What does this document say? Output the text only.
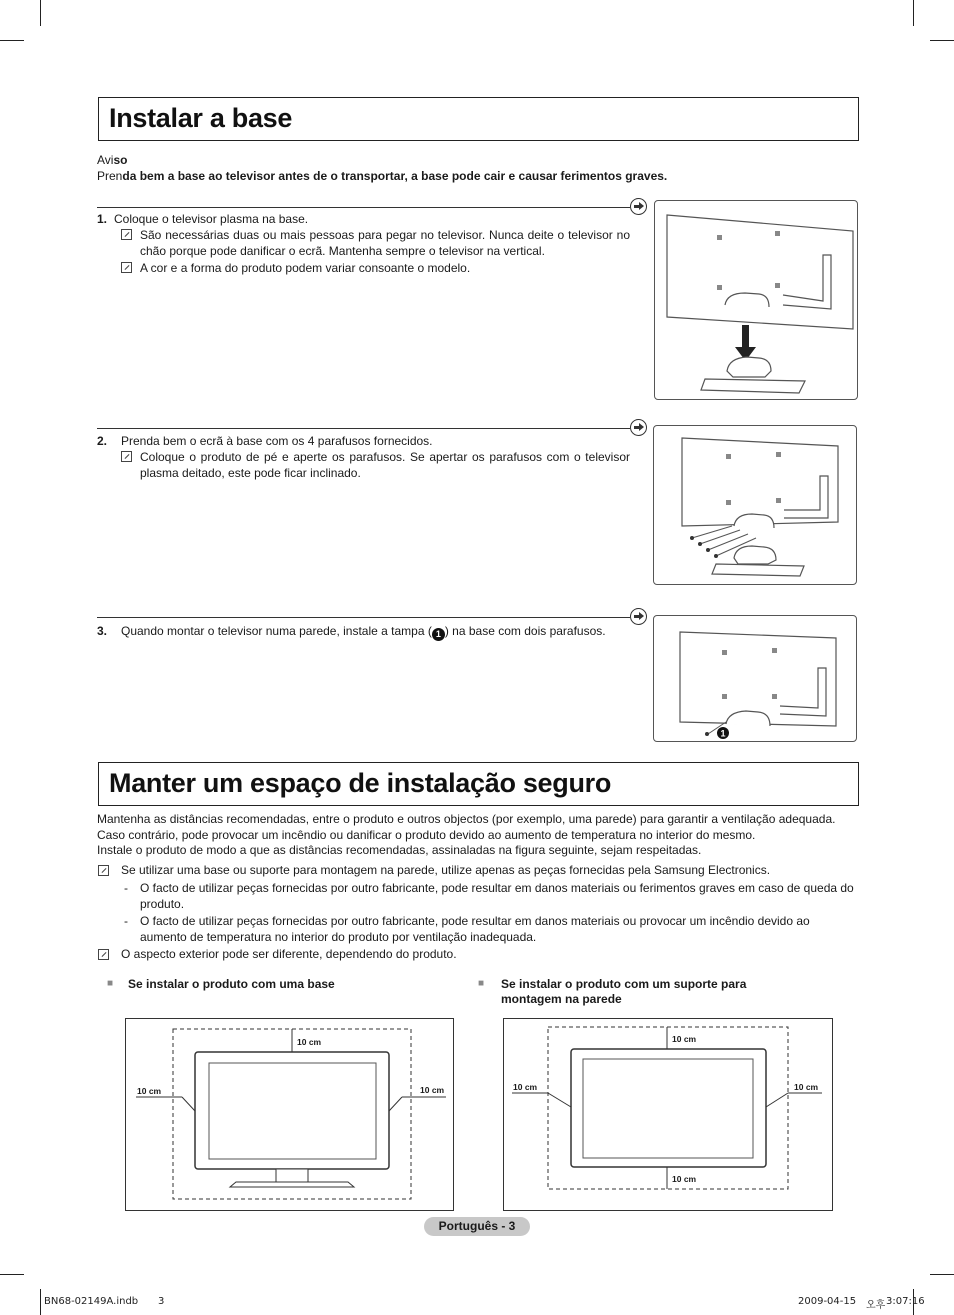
Instalar a base
Aviso
Prenda bem a base ao televisor antes de o transportar, a base pode cair e causar ferimentos graves.
1. Coloque o televisor plasma na base.
São necessárias duas ou mais pessoas para pegar no televisor. Nunca deite o televisor no chão porque pode danificar o ecrã. Mantenha sempre o televisor na vertical.
A cor e a forma do produto podem variar consoante o modelo.
2. Prenda bem o ecrã à base com os 4 parafusos fornecidos.
Coloque o produto de pé e aperte os parafusos. Se apertar os parafusos com o televisor plasma deitado, este pode ficar inclinado.
3. Quando montar o televisor numa parede, instale a tampa ( 1 ) na base com dois parafusos.
1
Manter um espaço de instalação seguro
Mantenha as distâncias recomendadas, entre o produto e outros objectos (por exemplo, uma parede) para garantir a ventilação adequada.
Caso contrário, pode provocar um incêndio ou danificar o produto devido ao aumento de temperatura no interior do mesmo.
Instale o produto de modo a que as distâncias recomendadas, assinaladas na figura seguinte, sejam respeitadas.
Se utilizar uma base ou suporte para montagem na parede, utilize apenas as peças fornecidas pela Samsung Electronics.
- O facto de utilizar peças fornecidas por outro fabricante, pode resultar em danos materiais ou ferimentos graves em caso de queda do produto.
- O facto de utilizar peças fornecidas por outro fabricante, pode resultar em danos materiais ou provocar um incêndio devido ao aumento de temperatura no interior do produto por ventilação inadequada.
O aspecto exterior pode ser diferente, dependendo do produto.
■ Se instalar o produto com uma base	■ Se instalar o produto com um suporte para
montagem na parede
10 cm
10 cm	10 cm
10 cm
10 cm
10 cm	10 cm
Português - 3
BN68-02149A.indb 3	2009-04-15 오후 3:07:16
